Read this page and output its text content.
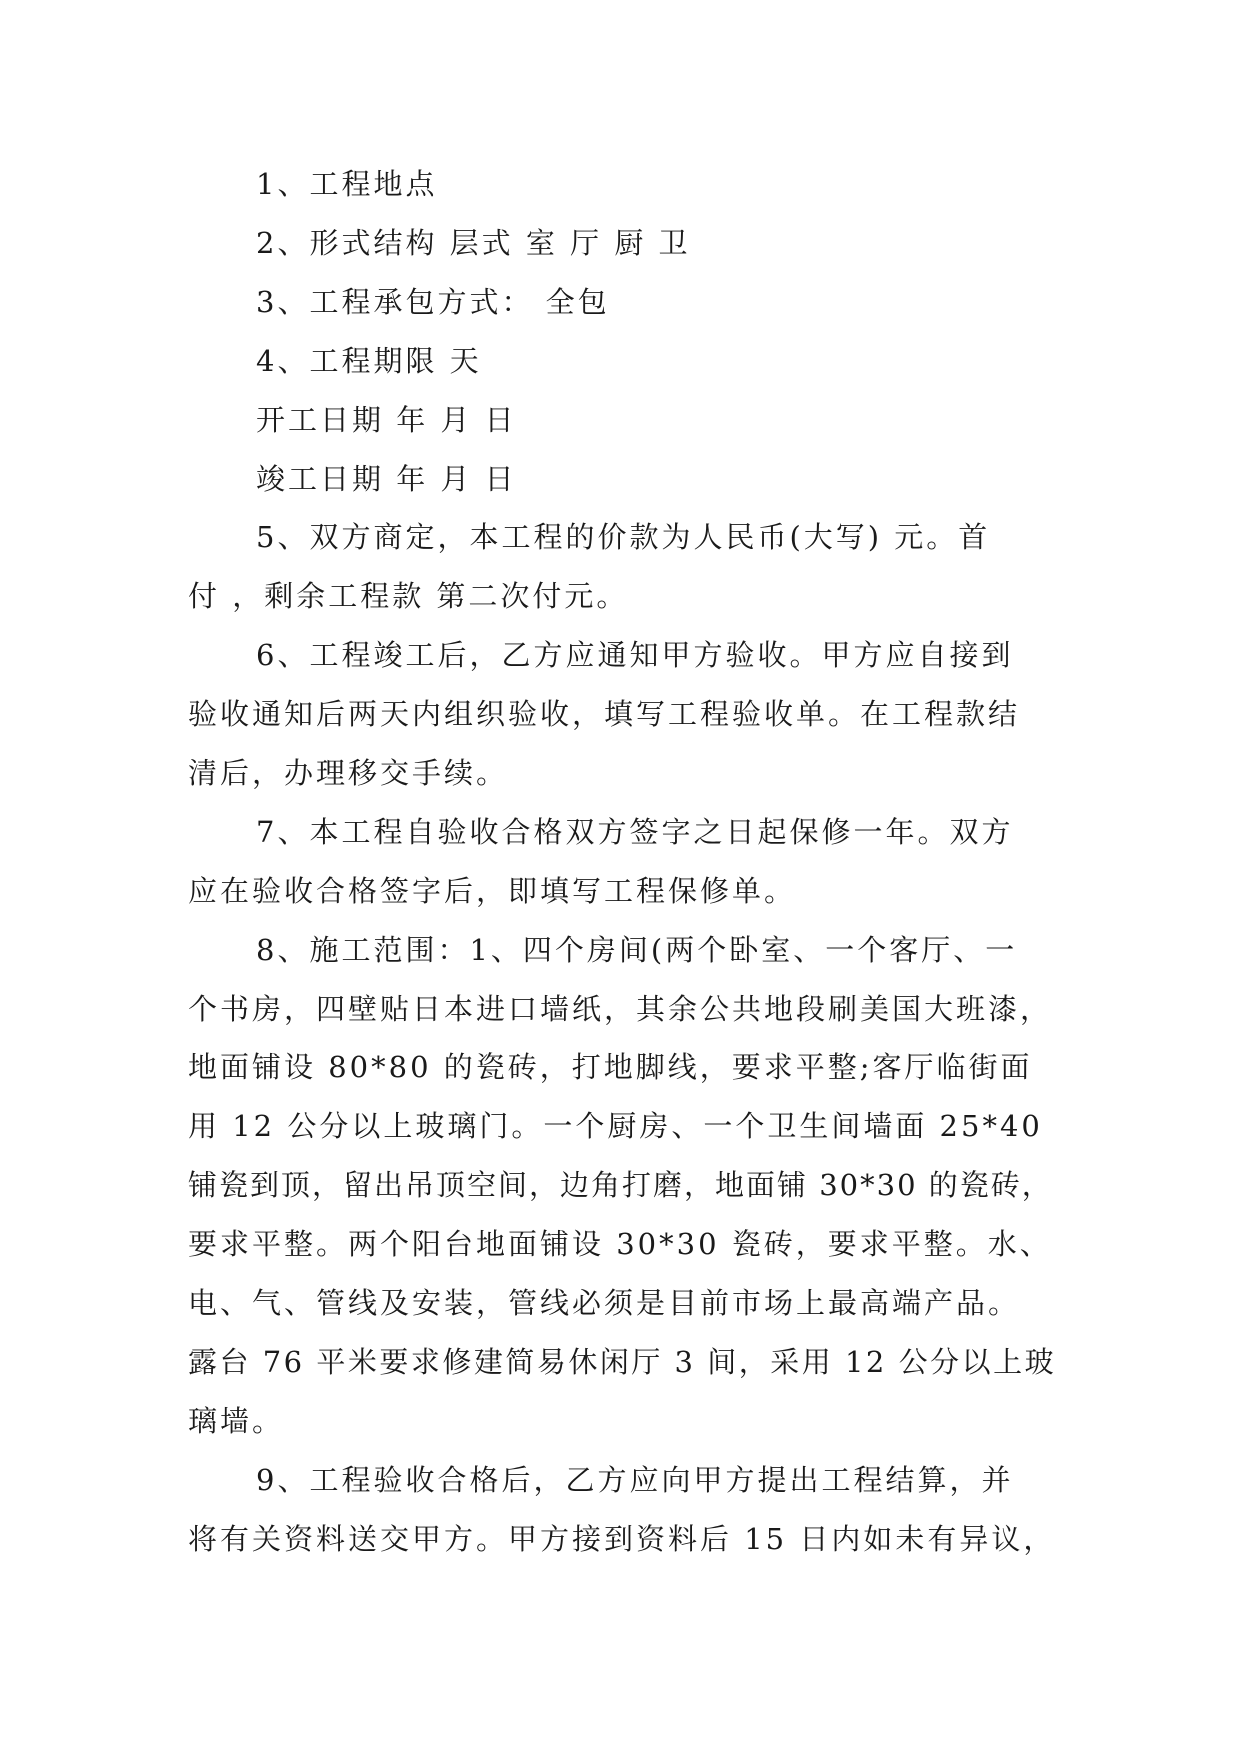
1、工程地点
2、形式结构 层式 室 厅 厨 卫
3、工程承包方式： 全包
4、工程期限 天
开工日期 年 月 日
竣工日期 年 月 日
5、双方商定，本工程的价款为人民币(大写) 元。首
付 ，剩余工程款 第二次付元。
6、工程竣工后，乙方应通知甲方验收。甲方应自接到
验收通知后两天内组织验收，填写工程验收单。在工程款结
清后，办理移交手续。
7、本工程自验收合格双方签字之日起保修一年。双方
应在验收合格签字后，即填写工程保修单。
8、施工范围：1、四个房间(两个卧室、一个客厅、一
个书房，四壁贴日本进口墙纸，其余公共地段刷美国大班漆，
地面铺设 80*80 的瓷砖，打地脚线，要求平整;客厅临街面
用 12 公分以上玻璃门。一个厨房、一个卫生间墙面 25*40
铺瓷到顶，留出吊顶空间，边角打磨，地面铺 30*30 的瓷砖，
要求平整。两个阳台地面铺设 30*30 瓷砖，要求平整。水、
电、气、管线及安装，管线必须是目前市场上最高端产品。
露台 76 平米要求修建简易休闲厅 3 间，采用 12 公分以上玻
璃墙。
9、工程验收合格后，乙方应向甲方提出工程结算，并
将有关资料送交甲方。甲方接到资料后 15 日内如未有异议，
